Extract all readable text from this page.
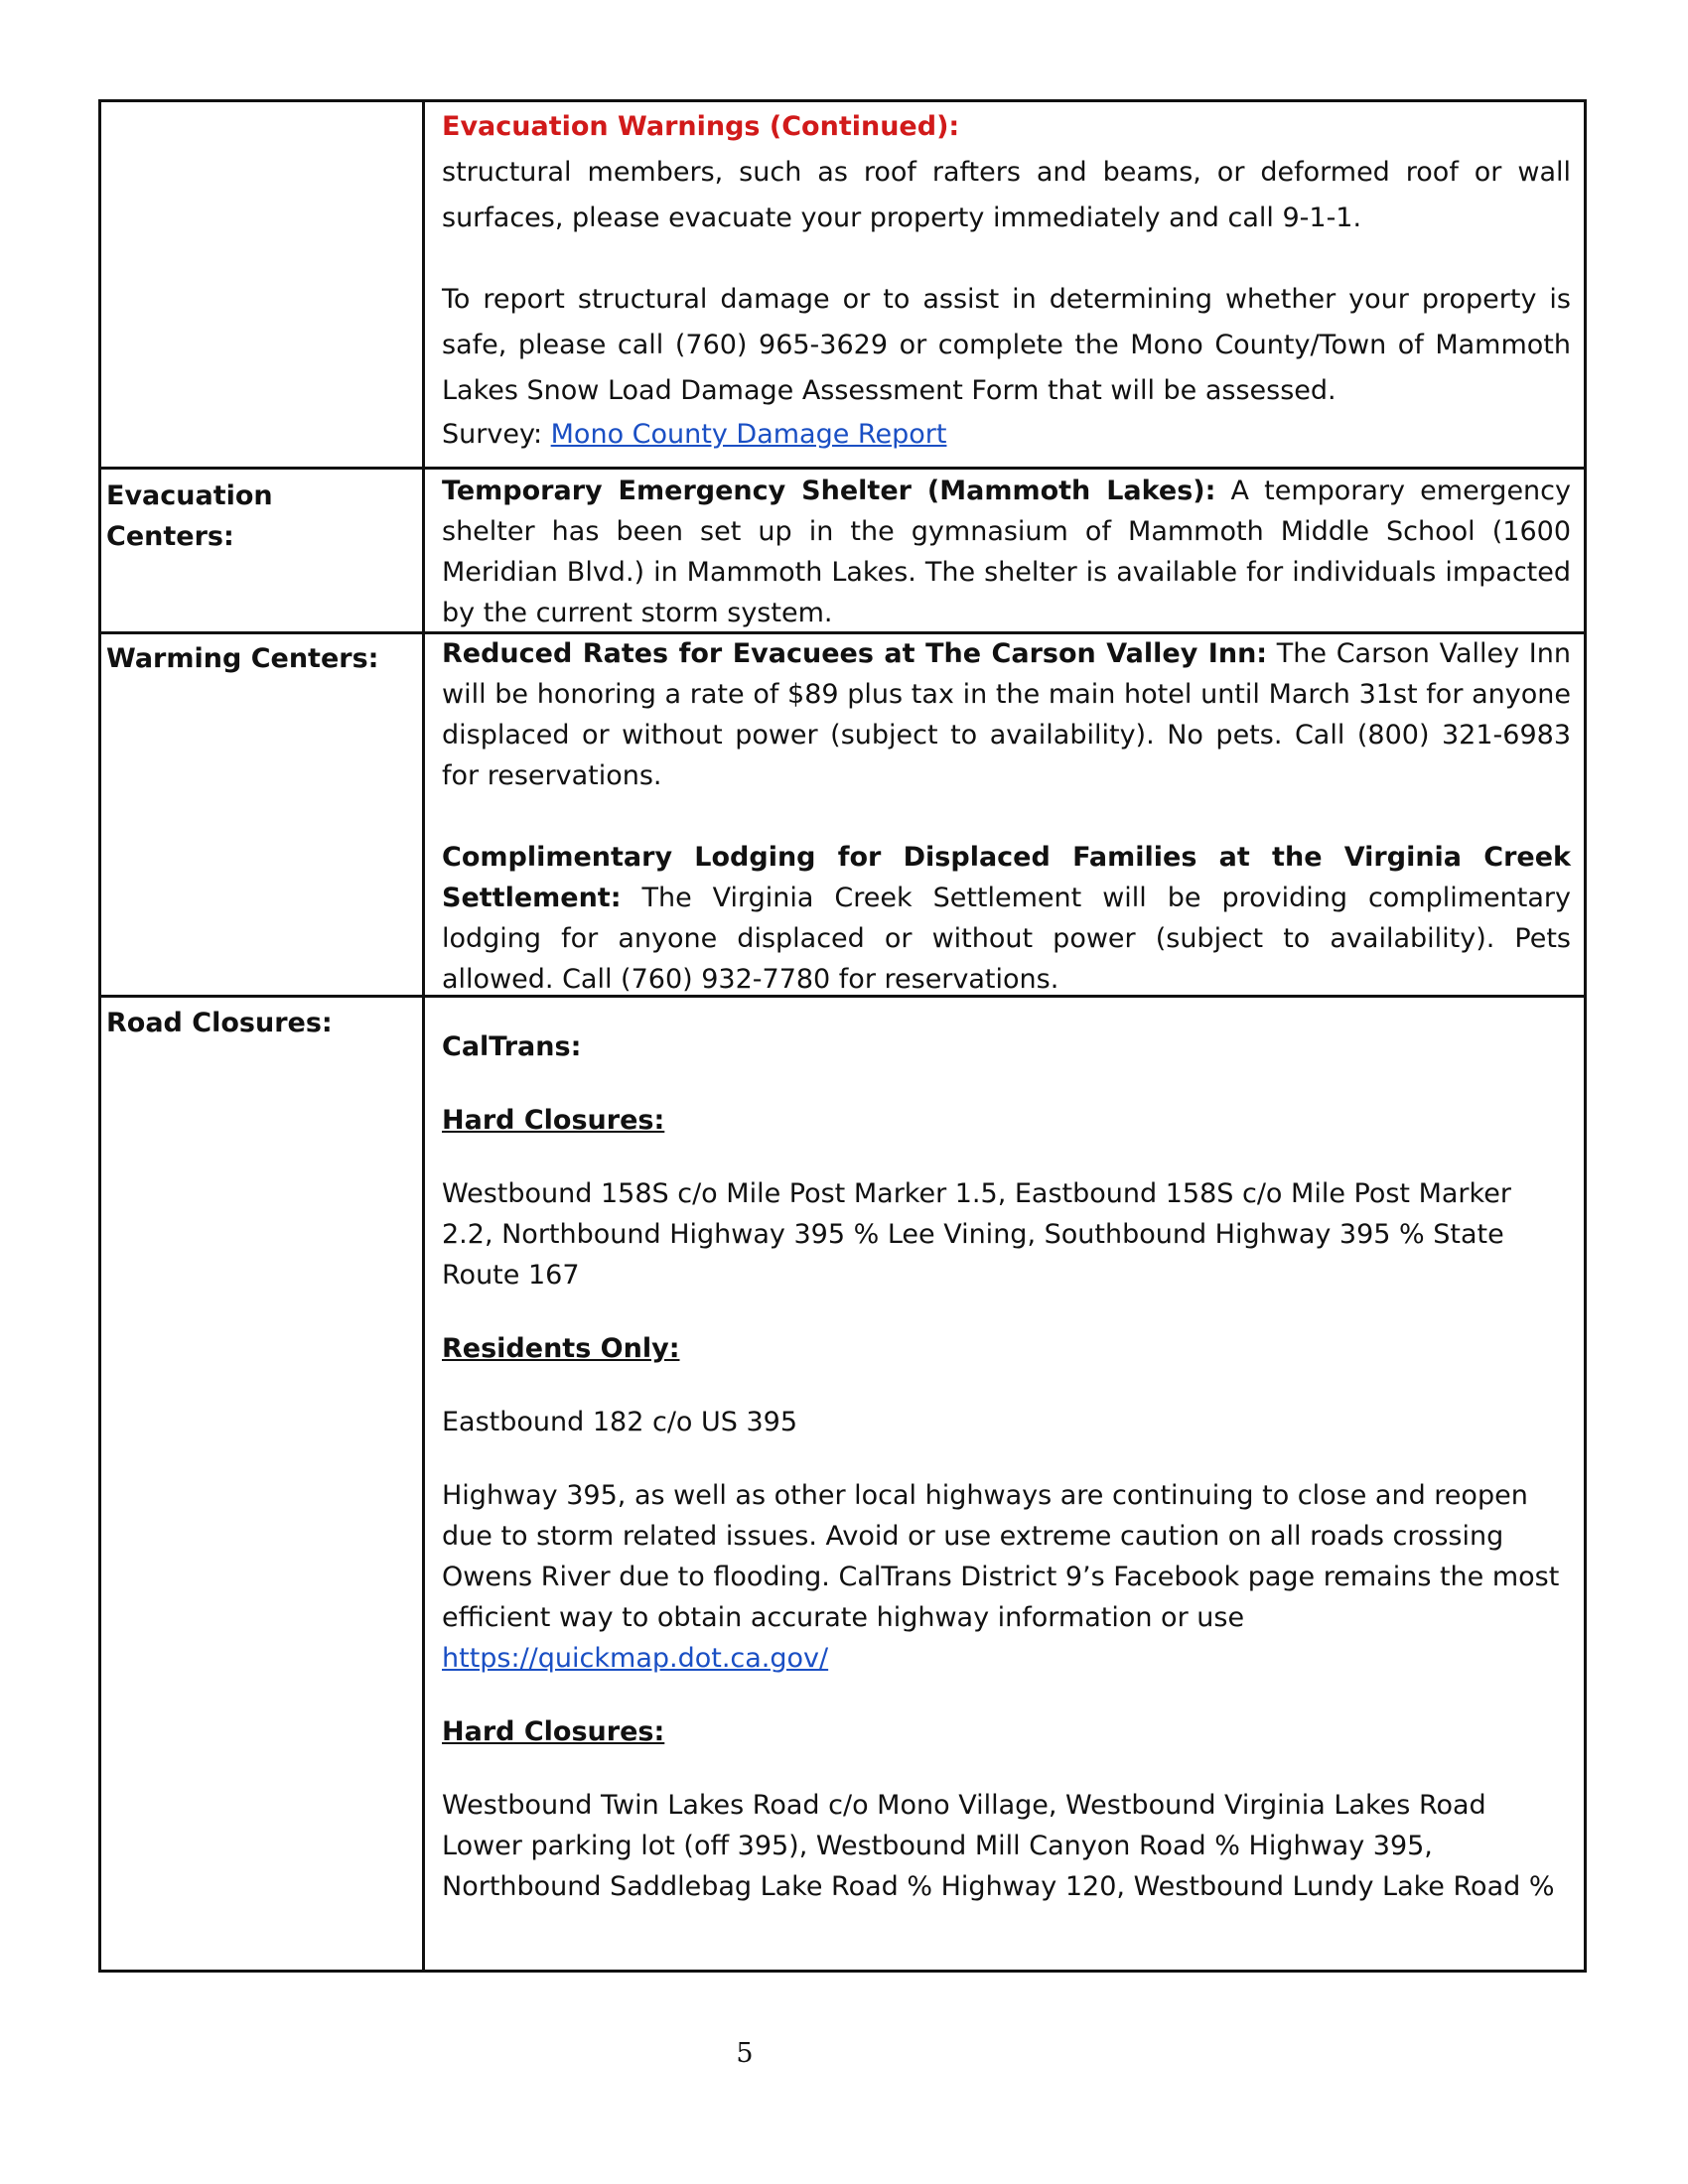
Evacuation Warnings (Continued):

structural members, such as roof rafters and beams, or deformed roof or wall surfaces, please evacuate your property immediately and call 9-1-1.

To report structural damage or to assist in determining whether your property is safe, please call (760) 965-3629 or complete the Mono County/Town of Mammoth Lakes Snow Load Damage Assessment Form that will be assessed.

Survey: Mono County Damage Report

Evacuation Centers:

Temporary Emergency Shelter (Mammoth Lakes): A temporary emergency shelter has been set up in the gymnasium of Mammoth Middle School (1600 Meridian Blvd.) in Mammoth Lakes. The shelter is available for individuals impacted by the current storm system.

Warming Centers:	Reduced Rates for Evacuees at The Carson Valley Inn: The Carson Valley Inn will be honoring a rate of $89 plus tax in the main hotel until March 31st for anyone displaced or without power (subject to availability). No pets. Call (800) 321-6983 for reservations.

Complimentary Lodging for Displaced Families at the Virginia Creek Settlement: The Virginia Creek Settlement will be providing complimentary lodging for anyone displaced or without power (subject to availability). Pets allowed. Call (760) 932-7780 for reservations.

Road Closures:

CalTrans:

Hard Closures:

Westbound 158S c/o Mile Post Marker 1.5, Eastbound 158S c/o Mile Post Marker 2.2, Northbound Highway 395 % Lee Vining, Southbound Highway 395 % State Route 167

Residents Only:

Eastbound 182 c/o US 395

Highway 395, as well as other local highways are continuing to close and reopen due to storm related issues. Avoid or use extreme caution on all roads crossing Owens River due to flooding. CalTrans District 9’s Facebook page remains the most efficient way to obtain accurate highway information or use https://quickmap.dot.ca.gov/

Hard Closures:

Westbound Twin Lakes Road c/o Mono Village, Westbound Virginia Lakes Road Lower parking lot (off 395), Westbound Mill Canyon Road % Highway 395, Northbound Saddlebag Lake Road % Highway 120, Westbound Lundy Lake Road %

5
